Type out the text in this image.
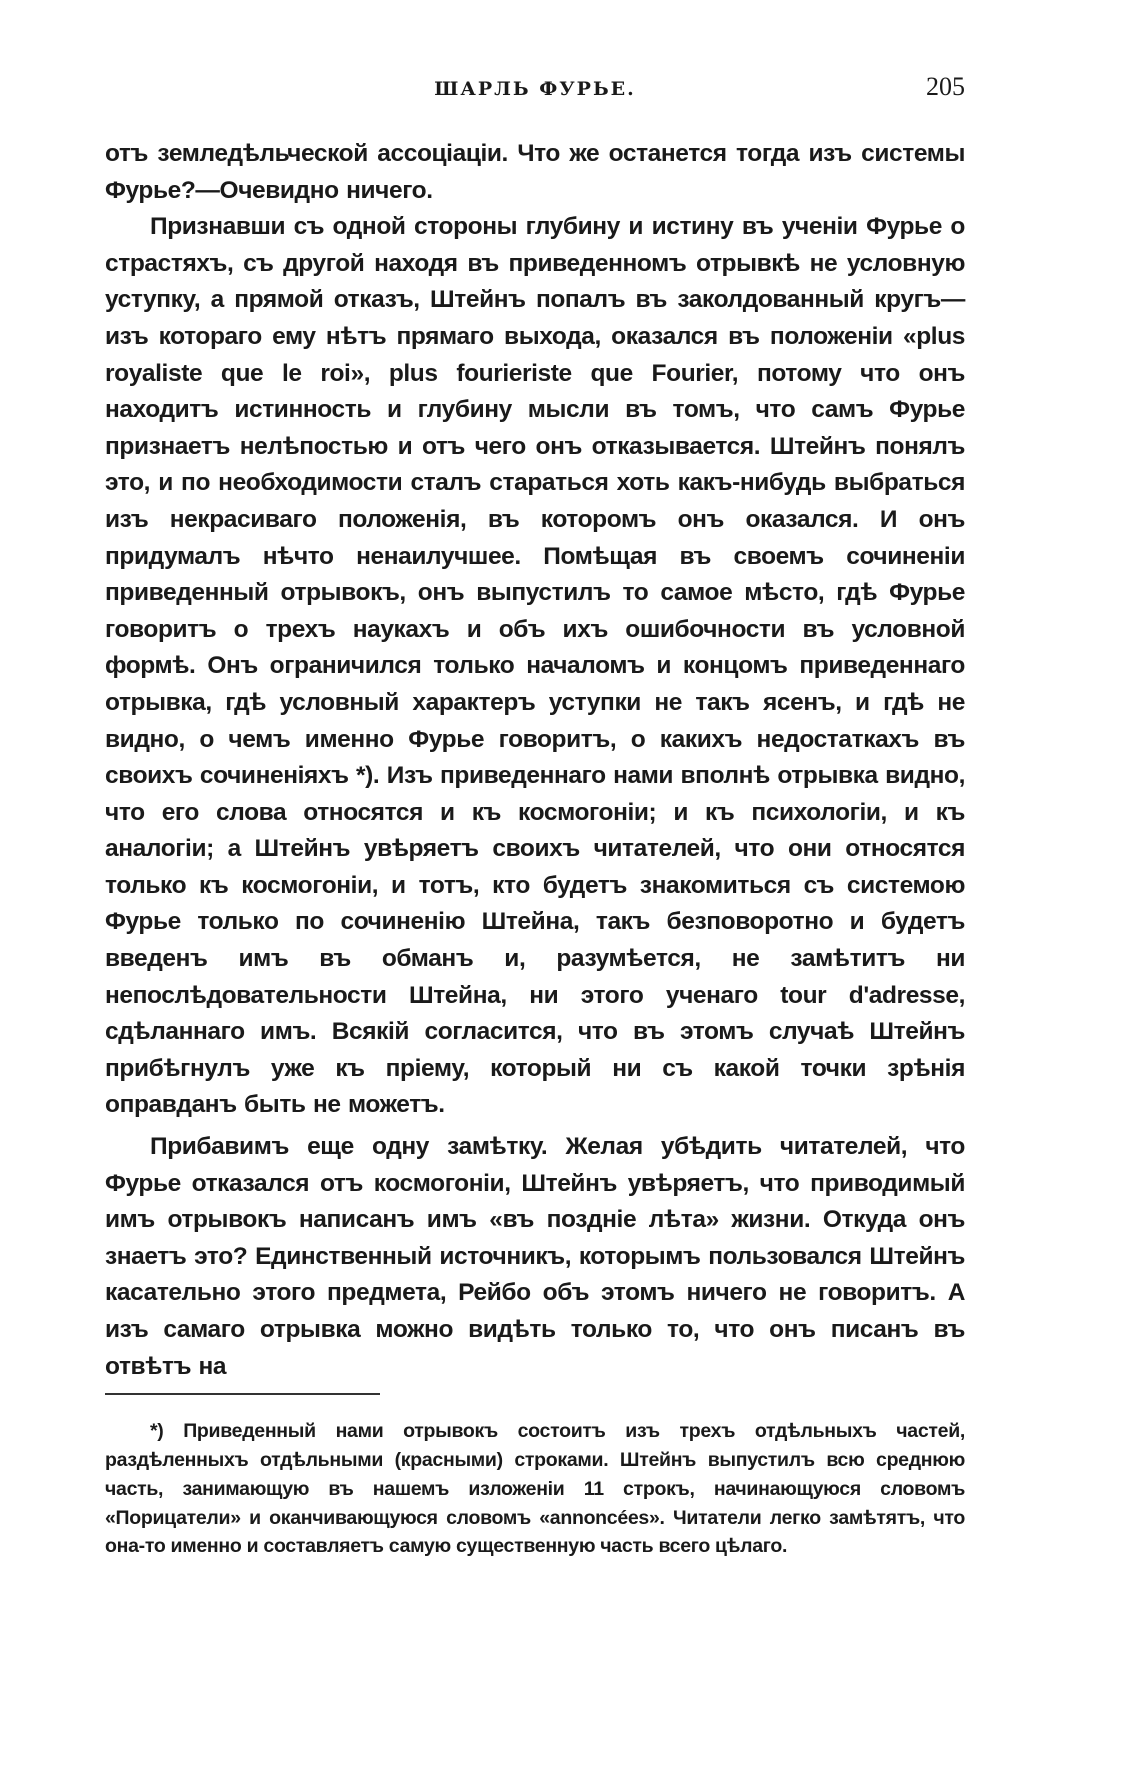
ШАРЛЬ ФУРЬЕ.	205

отъ земледѣльческой ассоціаціи. Что же останется тогда изъ системы Фурье?—Очевидно ничего.

Признавши съ одной стороны глубину и истину въ ученіи Фурье о страстяхъ, съ другой находя въ приведенномъ отрывкѣ не условную уступку, а прямой отказъ, Штейнъ попалъ въ заколдованный кругъ— изъ котораго ему нѣтъ прямаго выхода, оказался въ положеніи «plus royaliste que le roi», plus fourieriste que Fourier, потому что онъ находитъ истинность и глубину мысли въ томъ, что самъ Фурье признаетъ нелѣпостью и отъ чего онъ отказывается. Штейнъ понялъ это, и по необходимости сталъ стараться хоть какъ-нибудь выбраться изъ некрасиваго положенія, въ которомъ онъ оказался. И онъ придумалъ нѣчто ненаилучшее. Помѣщая въ своемъ сочиненіи приведенный отрывокъ, онъ выпустилъ то самое мѣсто, гдѣ Фурье говоритъ о трехъ наукахъ и объ ихъ ошибочности въ условной формѣ. Онъ ограничился только началомъ и концомъ приведеннаго отрывка, гдѣ условный характеръ уступки не такъ ясенъ, и гдѣ не видно, о чемъ именно Фурье говоритъ, о какихъ недостаткахъ въ своихъ сочиненіяхъ *). Изъ приведеннаго нами вполнѣ отрывка видно, что его слова относятся и къ космогоніи; и къ психологіи, и къ аналогіи; а Штейнъ увѣряетъ своихъ читателей, что они относятся только къ космогоніи, и тотъ, кто будетъ знакомиться съ системою Фурье только по сочиненію Штейна, такъ безповоротно и будетъ введенъ имъ въ обманъ и, разумѣется, не замѣтитъ ни непослѣдовательности Штейна, ни этого ученаго tour d'adresse, сдѣланнаго имъ. Всякій согласится, что въ этомъ случаѣ Штейнъ прибѣгнулъ уже къ пріему, который ни съ какой точки зрѣнія оправданъ быть не можетъ.

Прибавимъ еще одну замѣтку. Желая убѣдить читателей, что Фурье отказался отъ космогоніи, Штейнъ увѣряетъ, что приводимый имъ отрывокъ написанъ имъ «въ поздніе лѣта» жизни. Откуда онъ знаетъ это? Единственный источникъ, которымъ пользовался Штейнъ касательно этого предмета, Рейбо объ этомъ ничего не говоритъ. А изъ самаго отрывка можно видѣть только то, что онъ писанъ въ отвѣтъ на

*) Приведенный нами отрывокъ состоитъ изъ трехъ отдѣльныхъ частей, раздѣленныхъ отдѣльными (красными) строками. Штейнъ выпустилъ всю среднюю часть, занимающую въ нашемъ изложеніи 11 строкъ, начинающуюся словомъ «Порицатели» и оканчивающуюся словомъ «annoncées». Читатели легко замѣтятъ, что она-то именно и составляетъ самую существенную часть всего цѣлаго.
